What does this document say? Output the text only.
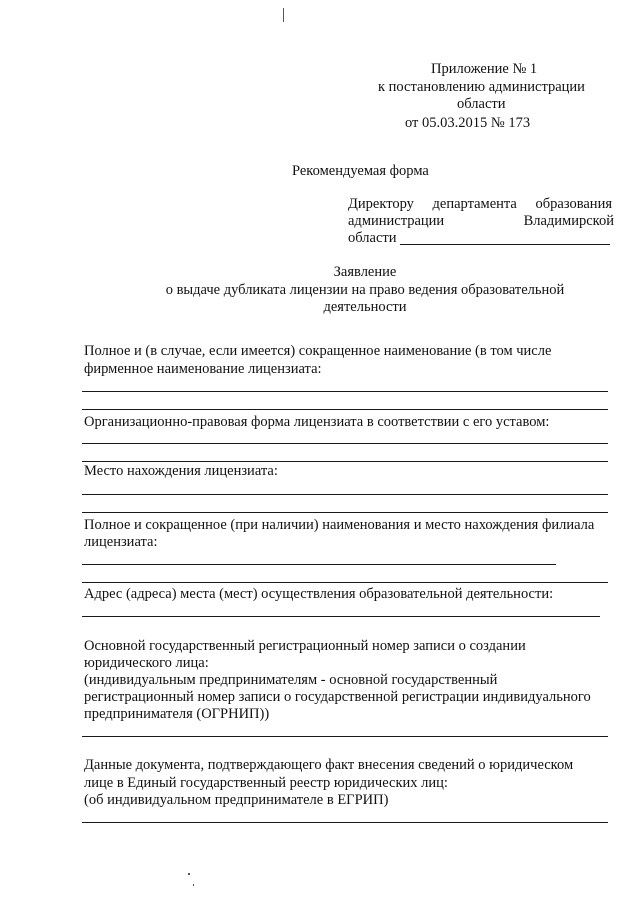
Приложение № 1
к постановлению администрации
области
от 05.03.2015 № 173
Рекомендуемая форма
Директору департамента образования
администрации Владимирской
области
Заявление
о выдаче дубликата лицензии на право ведения образовательной
деятельности
Полное и (в случае, если имеется) сокращенное наименование (в том числе
фирменное наименование лицензиата:
Организационно-правовая форма лицензиата в соответствии с его уставом:
Место нахождения лицензиата:
Полное и сокращенное (при наличии) наименования и место нахождения филиала
лицензиата:
Адрес (адреса) места (мест) осуществления образовательной деятельности:
Основной государственный регистрационный номер записи о создании
юридического лица:
(индивидуальным предпринимателям - основной государственный
регистрационный номер записи о государственной регистрации индивидуального
предпринимателя (ОГРНИП))
Данные документа, подтверждающего факт внесения сведений о юридическом
лице в Единый государственный реестр юридических лиц:
(об индивидуальном предпринимателе в ЕГРИП)
